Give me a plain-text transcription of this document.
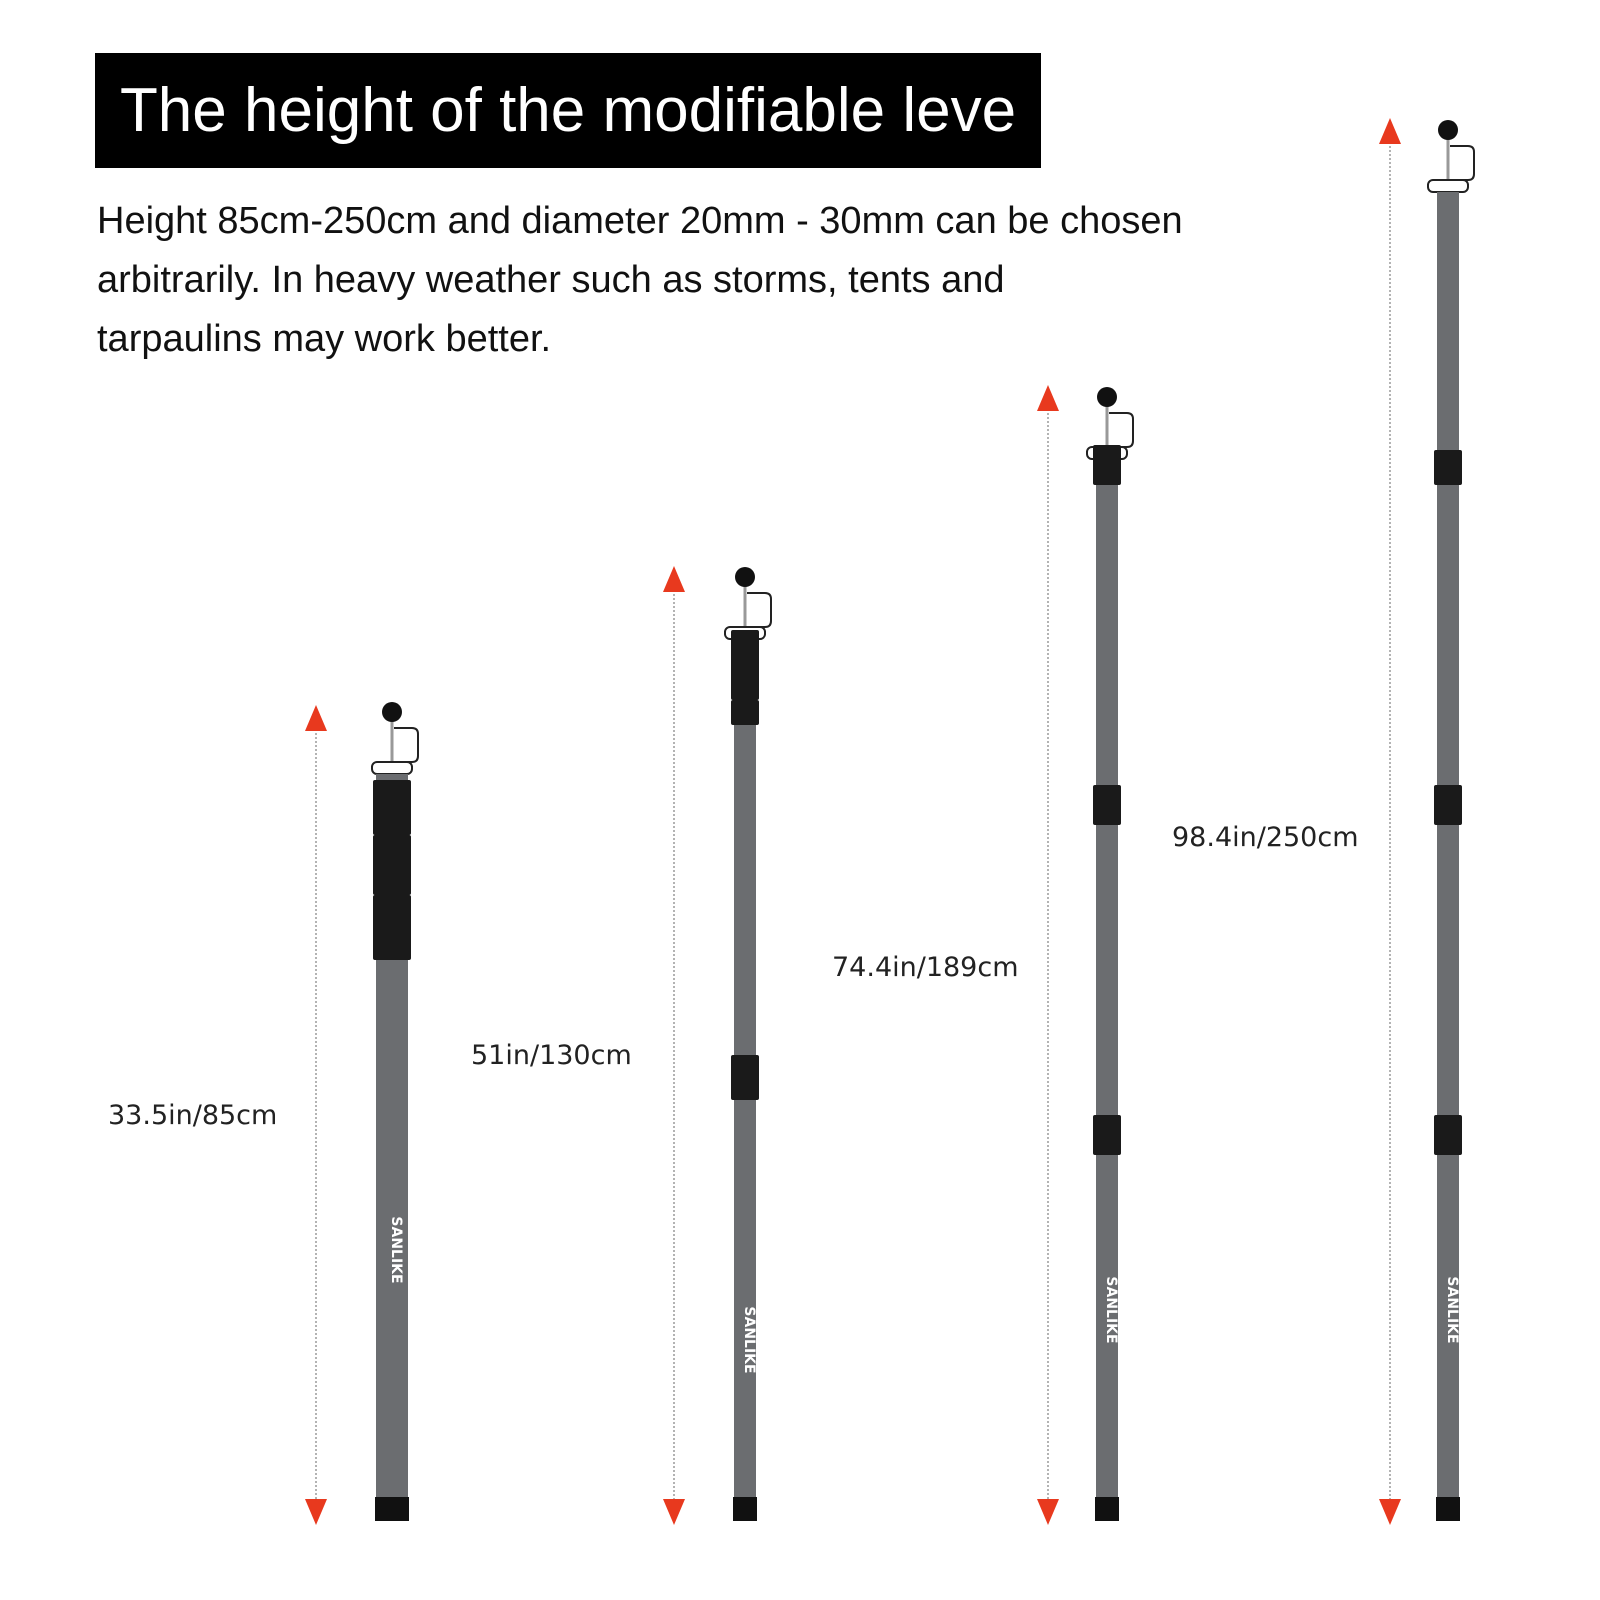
The height of the modifiable leve
Height 85cm-250cm and diameter 20mm - 30mm can be chosen
arbitrarily. In heavy weather such as storms, tents and
tarpaulins may work better.
33.5in/85cm
51in/130cm
74.4in/189cm
98.4in/250cm
SANLIKE
SANLIKE	SANLIKE	SANLIKE
